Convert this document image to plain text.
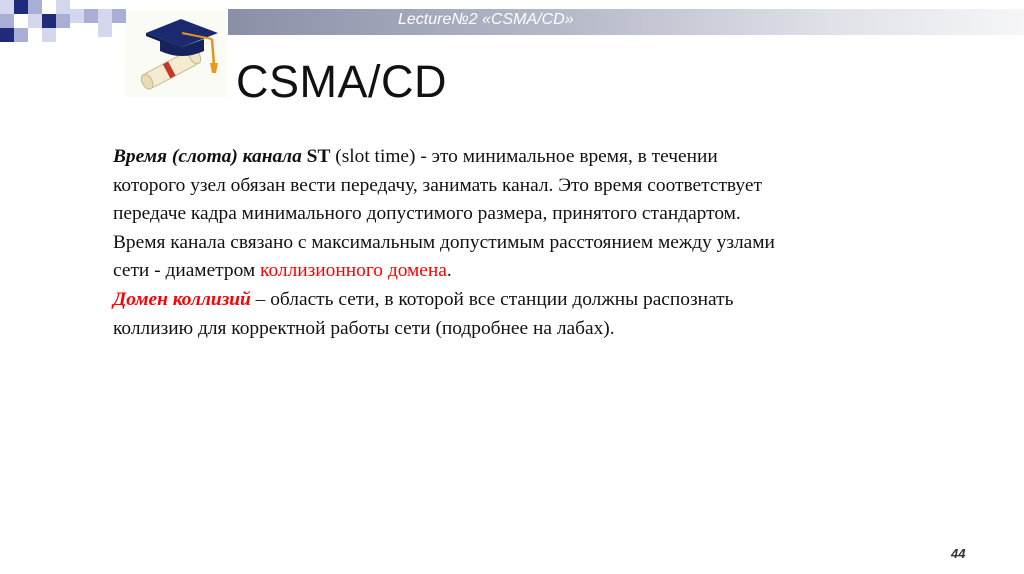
Lecture№2 «CSMA/CD»
CSMA/CD
Время (слота) канала ST (slot time) - это минимальное время, в течении
которого узел обязан вести передачу, занимать канал. Это время соответствует
передаче кадра минимального допустимого размера, принятого стандартом.
Время канала связано с максимальным допустимым расстоянием между узлами
сети - диаметром коллизионного домена.
Домен коллизий – область сети, в которой все станции должны распознать
коллизию для корректной работы сети (подробнее на лабах).
44
